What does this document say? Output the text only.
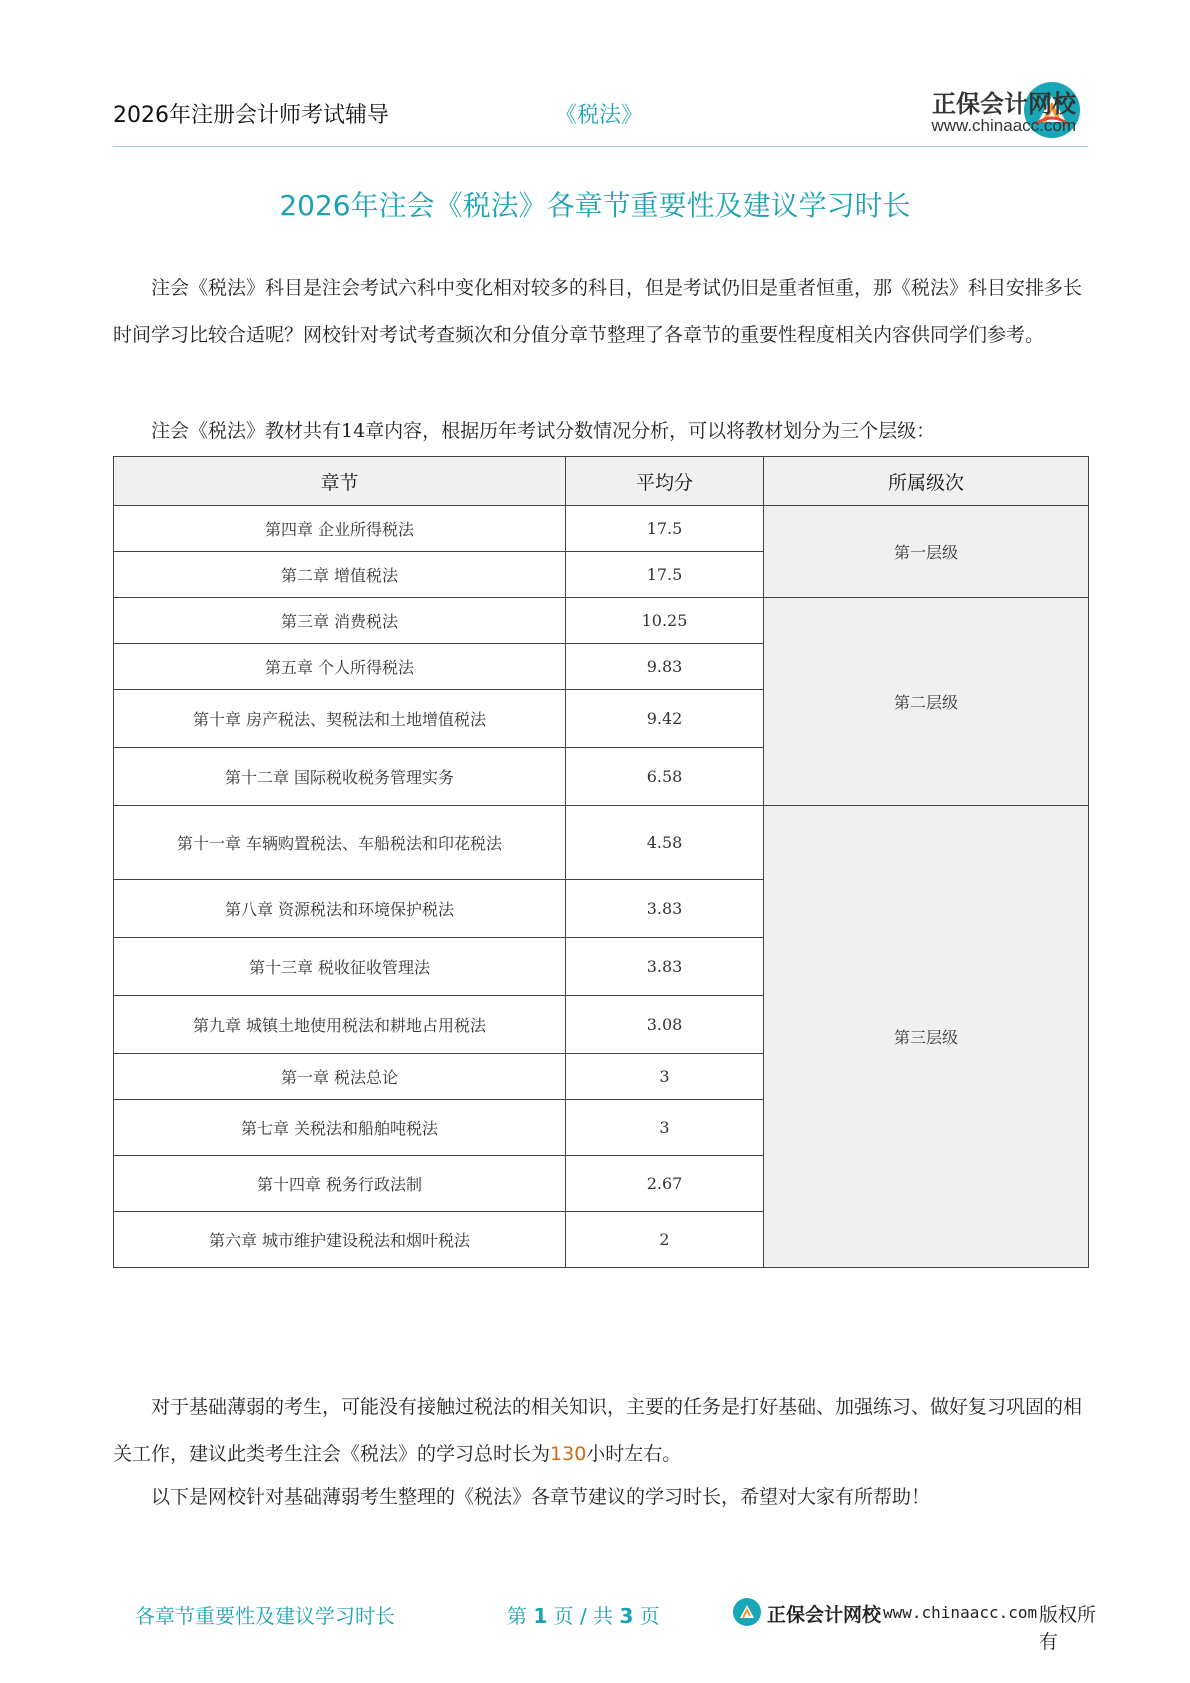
2026年注册会计师考试辅导	《税法》	正保会计网校
www.chinaacc.com
2026年注会《税法》各章节重要性及建议学习时长

注会《税法》科目是注会考试六科中变化相对较多的科目，但是考试仍旧是重者恒重，那《税法》科目安排多长时间学习比较合适呢？网校针对考试考查频次和分值分章节整理了各章节的重要性程度相关内容供同学们参考。

注会《税法》教材共有14章内容，根据历年考试分数情况分析，可以将教材划分为三个层级：

章节	平均分	所属级次
第四章 企业所得税法	17.5	第一层级
第二章 增值税法	17.5	
第三章 消费税法	10.25	第二层级
第五章 个人所得税法	9.83	
第十章 房产税法、契税法和土地增值税法	9.42	
第十二章 国际税收税务管理实务	6.58	
第十一章 车辆购置税法、车船税法和印花税法	4.58	第三层级
第八章 资源税法和环境保护税法	3.83	
第十三章 税收征收管理法	3.83	
第九章 城镇土地使用税法和耕地占用税法	3.08	
第一章 税法总论	3	
第七章 关税法和船舶吨税法	3	
第十四章 税务行政法制	2.67	
第六章 城市维护建设税法和烟叶税法	2	

对于基础薄弱的考生，可能没有接触过税法的相关知识，主要的任务是打好基础、加强练习、做好复习巩固的相关工作，建议此类考生注会《税法》的学习总时长为130小时左右。

以下是网校针对基础薄弱考生整理的《税法》各章节建议的学习时长，希望对大家有所帮助！

各章节重要性及建议学习时长	第 1 页 / 共 3 页	正保会计网校 www.chinaacc.com 版权所有
